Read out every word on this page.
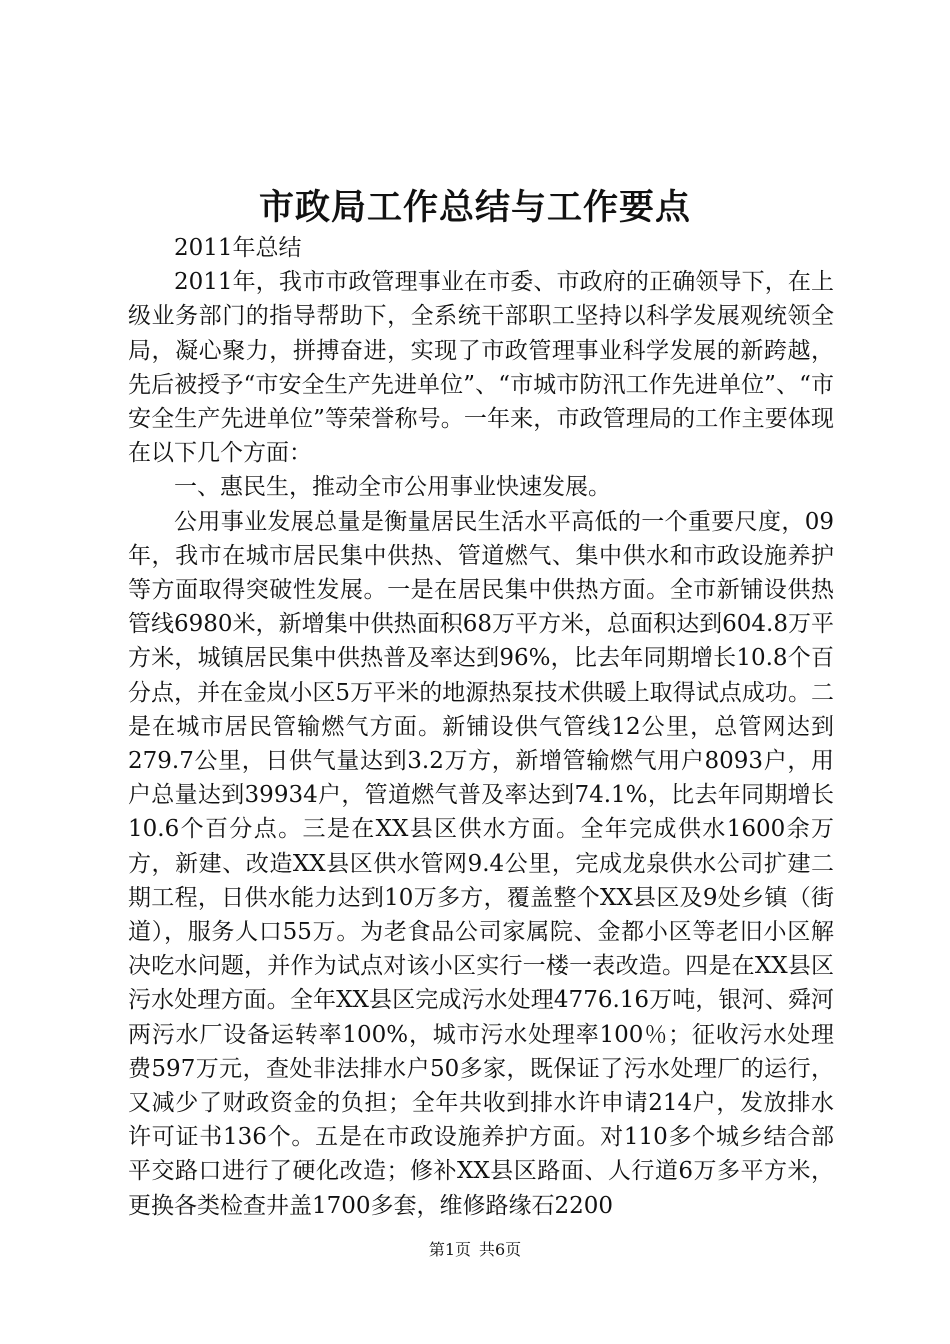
市政局工作总结与工作要点

2011年总结

2011年，我市市政管理事业在市委、市政府的正确领导下，在上级业务部门的指导帮助下，全系统干部职工坚持以科学发展观统领全局，凝心聚力，拼搏奋进，实现了市政管理事业科学发展的新跨越，先后被授予“市安全生产先进单位”、“市城市防汛工作先进单位”、“市安全生产先进单位”等荣誉称号。一年来，市政管理局的工作主要体现在以下几个方面：

一、惠民生，推动全市公用事业快速发展。

公用事业发展总量是衡量居民生活水平高低的一个重要尺度，09年，我市在城市居民集中供热、管道燃气、集中供水和市政设施养护等方面取得突破性发展。一是在居民集中供热方面。全市新铺设供热管线6980米，新增集中供热面积68万平方米，总面积达到604.8万平方米，城镇居民集中供热普及率达到96%，比去年同期增长10.8个百分点，并在金岚小区5万平米的地源热泵技术供暖上取得试点成功。二是在城市居民管输燃气方面。新铺设供气管线12公里，总管网达到279.7公里，日供气量达到3.2万方，新增管输燃气用户8093户，用户总量达到39934户，管道燃气普及率达到74.1%，比去年同期增长10.6个百分点。三是在XX县区供水方面。全年完成供水1600余万方，新建、改造XX县区供水管网9.4公里，完成龙泉供水公司扩建二期工程，日供水能力达到10万多方，覆盖整个XX县区及9处乡镇（街道），服务人口55万。为老食品公司家属院、金都小区等老旧小区解决吃水问题，并作为试点对该小区实行一楼一表改造。四是在XX县区污水处理方面。全年XX县区完成污水处理4776.16万吨，银河、舜河两污水厂设备运转率100%，城市污水处理率100％；征收污水处理费597万元，查处非法排水户50多家，既保证了污水处理厂的运行，又减少了财政资金的负担；全年共收到排水许申请214户，发放排水许可证书136个。五是在市政设施养护方面。对110多个城乡结合部平交路口进行了硬化改造；修补XX县区路面、人行道6万多平方米，更换各类检查井盖1700多套，维修路缘石2200

第1页 共6页
